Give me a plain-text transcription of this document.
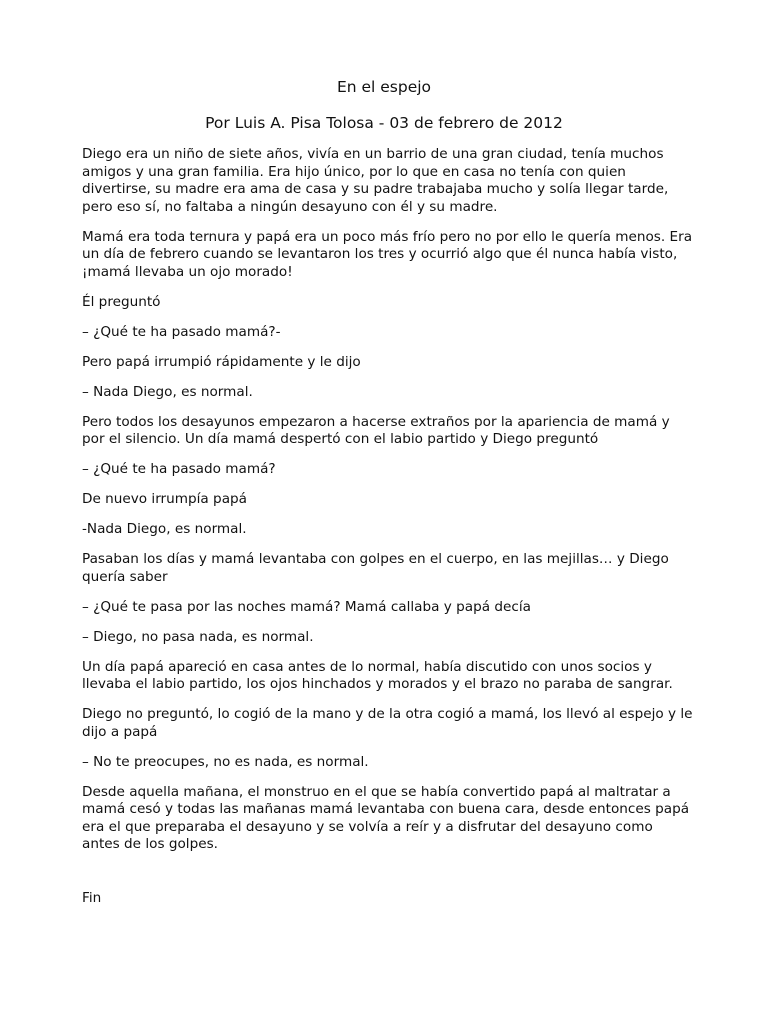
En el espejo
Por Luis A. Pisa Tolosa - 03 de febrero de 2012

Diego era un niño de siete años, vivía en un barrio de una gran ciudad, tenía muchos amigos y una gran familia. Era hijo único, por lo que en casa no tenía con quien divertirse, su madre era ama de casa y su padre trabajaba mucho y solía llegar tarde, pero eso sí, no faltaba a ningún desayuno con él y su madre.

Mamá era toda ternura y papá era un poco más frío pero no por ello le quería menos. Era un día de febrero cuando se levantaron los tres y ocurrió algo que él nunca había visto, ¡mamá llevaba un ojo morado!

Él preguntó

– ¿Qué te ha pasado mamá?-

Pero papá irrumpió rápidamente y le dijo

– Nada Diego, es normal.

Pero todos los desayunos empezaron a hacerse extraños por la apariencia de mamá y por el silencio. Un día mamá despertó con el labio partido y Diego preguntó

– ¿Qué te ha pasado mamá?

De nuevo irrumpía papá

-Nada Diego, es normal.

Pasaban los días y mamá levantaba con golpes en el cuerpo, en las mejillas… y Diego quería saber

– ¿Qué te pasa por las noches mamá? Mamá callaba y papá decía

– Diego, no pasa nada, es normal.

Un día papá apareció en casa antes de lo normal, había discutido con unos socios y llevaba el labio partido, los ojos hinchados y morados y el brazo no paraba de sangrar.

Diego no preguntó, lo cogió de la mano y de la otra cogió a mamá, los llevó al espejo y le dijo a papá

– No te preocupes, no es nada, es normal.

Desde aquella mañana, el monstruo en el que se había convertido papá al maltratar a mamá cesó y todas las mañanas mamá levantaba con buena cara, desde entonces papá era el que preparaba el desayuno y se volvía a reír y a disfrutar del desayuno como antes de los golpes.

Fin
